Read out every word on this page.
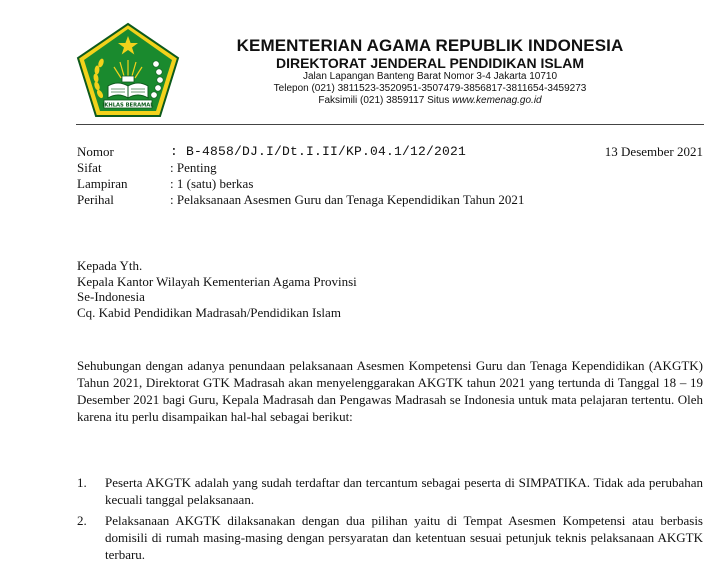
IKHLAS BERAMAL
KEMENTERIAN AGAMA REPUBLIK INDONESIA
DIREKTORAT JENDERAL PENDIDIKAN ISLAM
Jalan Lapangan Banteng Barat Nomor 3-4 Jakarta 10710
Telepon (021) 3811523-3520951-3507479-3856817-3811654-3459273
Faksimili (021) 3859117 Situs www.kemenag.go.id
Nomor	: B-4858/DJ.I/Dt.I.II/KP.04.1/12/2021	13 Desember 2021
Sifat	: Penting
Lampiran	: 1 (satu) berkas
Perihal	: Pelaksanaan Asesmen Guru dan Tenaga Kependidikan Tahun 2021
Kepada Yth.
Kepala Kantor Wilayah Kementerian Agama Provinsi
Se-Indonesia
Cq. Kabid Pendidikan Madrasah/Pendidikan Islam
Sehubungan dengan adanya penundaan pelaksanaan Asesmen Kompetensi Guru dan Tenaga Kependidikan (AKGTK) Tahun 2021, Direktorat GTK Madrasah akan menyelenggarakan AKGTK tahun 2021 yang tertunda di Tanggal 18 – 19 Desember 2021 bagi Guru, Kepala Madrasah dan Pengawas Madrasah se Indonesia untuk mata pelajaran tertentu. Oleh karena itu perlu disampaikan hal-hal sebagai berikut:
1.	Peserta AKGTK adalah yang sudah terdaftar dan tercantum sebagai peserta di SIMPATIKA. Tidak ada perubahan kecuali tanggal pelaksanaan.
2.	Pelaksanaan AKGTK dilaksanakan dengan dua pilihan yaitu di Tempat Asesmen Kompetensi atau berbasis domisili di rumah masing-masing dengan persyaratan dan ketentuan sesuai petunjuk teknis pelaksanaan AKGTK terbaru.
